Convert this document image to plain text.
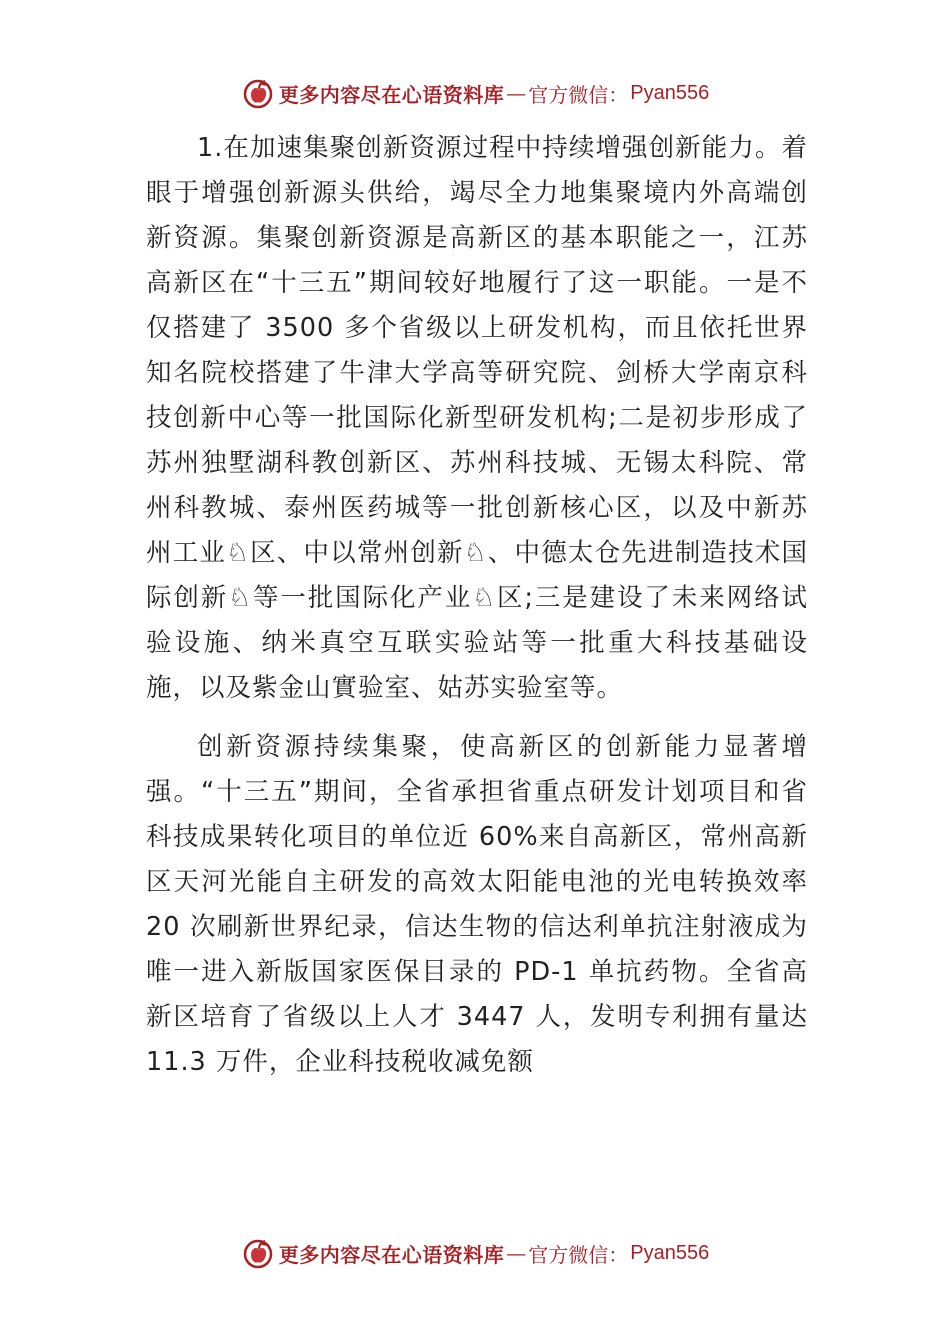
更多内容尽在心语资料库 — 官方微信： Pyan556

1.在加速集聚创新资源过程中持续增强创新能力。着眼于增强创新源头供给，竭尽全力地集聚境内外高端创新资源。集聚创新资源是高新区的基本职能之一，江苏高新区在“十三五”期间较好地履行了这一职能。一是不仅搭建了 3500 多个省级以上研发机构，而且依托世界知名院校搭建了牛津大学高等研究院、剑桥大学南京科技创新中心等一批国际化新型研发机构;二是初步形成了苏州独墅湖科教创新区、苏州科技城、无锡太科院、常州科教城、泰州医药城等一批创新核心区，以及中新苏州工业♘区、中以常州创新♘、中德太仓先进制造技术国际创新♘等一批国际化产业♘区;三是建设了未来网络试验设施、纳米真空互联实验站等一批重大科技基础设施，以及紫金山實验室、姑苏实验室等。

创新资源持续集聚，使高新区的创新能力显著增强。“十三五”期间，全省承担省重点研发计划项目和省科技成果转化项目的单位近 60%来自高新区，常州高新区天河光能自主研发的高效太阳能电池的光电转换效率 20 次刷新世界纪录，信达生物的信达利单抗注射液成为唯一进入新版国家医保目录的 PD-1 单抗药物。全省高新区培育了省级以上人才 3447 人，发明专利拥有量达 11.3 万件，企业科技税收减免额

更多内容尽在心语资料库 — 官方微信： Pyan556
